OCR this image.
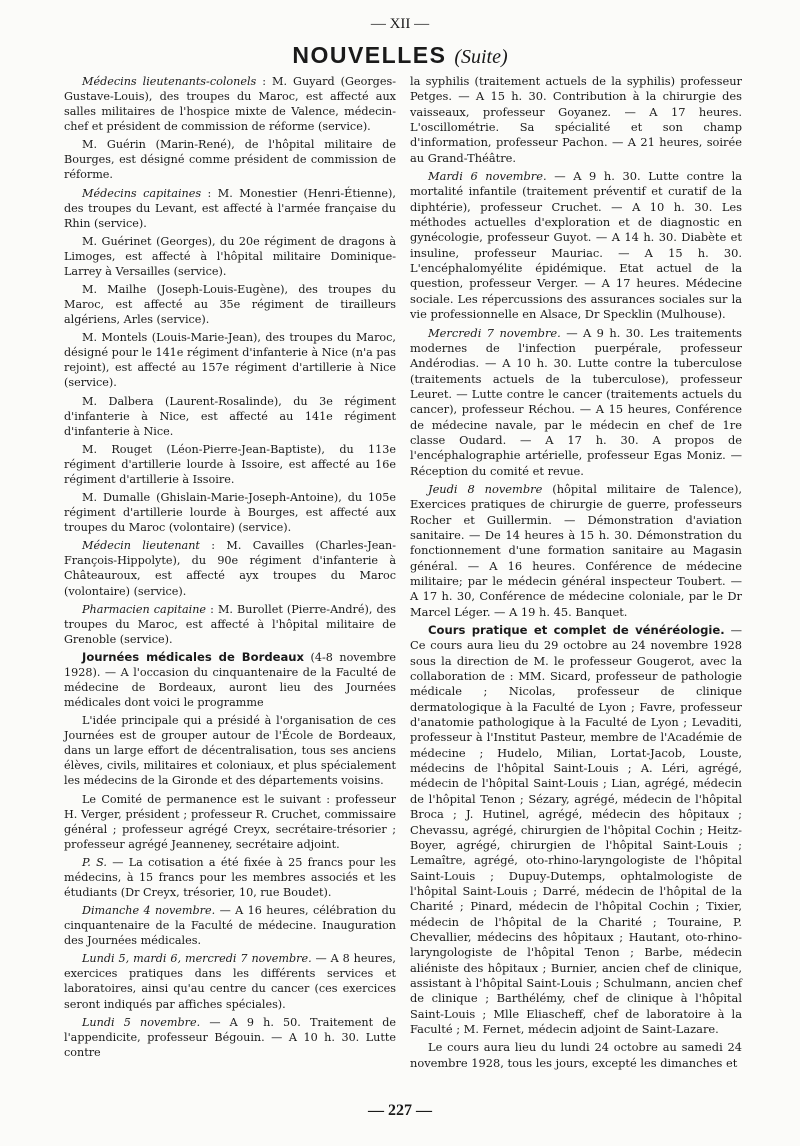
— XII —
NOUVELLES (Suite)

Médecins lieutenants-colonels : M. Guyard (Georges-Gustave-Louis), des troupes du Maroc, est affecté aux salles militaires de l'hospice mixte de Valence, médecin-chef et président de commission de réforme (service).

M. Guérin (Marin-René), de l'hôpital militaire de Bourges, est désigné comme président de commission de réforme.

Médecins capitaines : M. Monestier (Henri-Étienne), des troupes du Levant, est affecté à l'armée française du Rhin (service).

M. Guérinet (Georges), du 20e régiment de dragons à Limoges, est affecté à l'hôpital militaire Dominique-Larrey à Versailles (service).

M. Mailhe (Joseph-Louis-Eugène), des troupes du Maroc, est affecté au 35e régiment de tirailleurs algériens, Arles (service).

M. Montels (Louis-Marie-Jean), des troupes du Maroc, désigné pour le 141e régiment d'infanterie à Nice (n'a pas rejoint), est affecté au 157e régiment d'artillerie à Nice (service).

M. Dalbera (Laurent-Rosalinde), du 3e régiment d'infanterie à Nice, est affecté au 141e régiment d'infanterie à Nice.

M. Rouget (Léon-Pierre-Jean-Baptiste), du 113e régiment d'artillerie lourde à Issoire, est affecté au 16e régiment d'artillerie à Issoire.

M. Dumalle (Ghislain-Marie-Joseph-Antoine), du 105e régiment d'artillerie lourde à Bourges, est affecté aux troupes du Maroc (volontaire) (service).

Médecin lieutenant : M. Cavailles (Charles-Jean-François-Hippolyte), du 90e régiment d'infanterie à Châteauroux, est affecté ayx troupes du Maroc (volontaire) (service).

Pharmacien capitaine : M. Burollet (Pierre-André), des troupes du Maroc, est affecté à l'hôpital militaire de Grenoble (service).

Journées médicales de Bordeaux (4-8 novembre 1928). — A l'occasion du cinquantenaire de la Faculté de médecine de Bordeaux, auront lieu des Journées médicales dont voici le programme

L'idée principale qui a présidé à l'organisation de ces Journées est de grouper autour de l'École de Bordeaux, dans un large effort de décentralisation, tous ses anciens élèves, civils, militaires et coloniaux, et plus spécialement les médecins de la Gironde et des départements voisins.

Le Comité de permanence est le suivant : professeur H. Verger, président ; professeur R. Cruchet, commissaire général ; professeur agrégé Creyx, secrétaire-trésorier ; professeur agrégé Jeanneney, secrétaire adjoint.

P. S. — La cotisation a été fixée à 25 francs pour les médecins, à 15 francs pour les membres associés et les étudiants (Dr Creyx, trésorier, 10, rue Boudet).

Dimanche 4 novembre. — A 16 heures, célébration du cinquantenaire de la Faculté de médecine. Inauguration des Journées médicales.

Lundi 5, mardi 6, mercredi 7 novembre. — A 8 heures, exercices pratiques dans les différents services et laboratoires, ainsi qu'au centre du cancer (ces exercices seront indiqués par affiches spéciales).

Lundi 5 novembre. — A 9 h. 50. Traitement de l'appendicite, professeur Bégouin. — A 10 h. 30. Lutte contre

la syphilis (traitement actuels de la syphilis) professeur Petges. — A 15 h. 30. Contribution à la chirurgie des vaisseaux, professeur Goyanez. — A 17 heures. L'oscillométrie. Sa spécialité et son champ d'information, professeur Pachon. — A 21 heures, soirée au Grand-Théâtre.

Mardi 6 novembre. — A 9 h. 30. Lutte contre la mortalité infantile (traitement préventif et curatif de la diphtérie), professeur Cruchet. — A 10 h. 30. Les méthodes actuelles d'exploration et de diagnostic en gynécologie, professeur Guyot. — A 14 h. 30. Diabète et insuline, professeur Mauriac. — A 15 h. 30. L'encéphalomyélite épidémique. Etat actuel de la question, professeur Verger. — A 17 heures. Médecine sociale. Les répercussions des assurances sociales sur la vie professionnelle en Alsace, Dr Specklin (Mulhouse).

Mercredi 7 novembre. — A 9 h. 30. Les traitements modernes de l'infection puerpérale, professeur Andérodias. — A 10 h. 30. Lutte contre la tuberculose (traitements actuels de la tuberculose), professeur Leuret. — Lutte contre le cancer (traitements actuels du cancer), professeur Réchou. — A 15 heures, Conférence de médecine navale, par le médecin en chef de 1re classe Oudard. — A 17 h. 30. A propos de l'encéphalographie artérielle, professeur Egas Moniz. — Réception du comité et revue.

Jeudi 8 novembre (hôpital militaire de Talence), Exercices pratiques de chirurgie de guerre, professeurs Rocher et Guillermin. — Démonstration d'aviation sanitaire. — De 14 heures à 15 h. 30. Démonstration du fonctionnement d'une formation sanitaire au Magasin général. — A 16 heures. Conférence de médecine militaire; par le médecin général inspecteur Toubert. — A 17 h. 30, Conférence de médecine coloniale, par le Dr Marcel Léger. — A 19 h. 45. Banquet.

Cours pratique et complet de vénéréologie. — Ce cours aura lieu du 29 octobre au 24 novembre 1928 sous la direction de M. le professeur Gougerot, avec la collaboration de : MM. Sicard, professeur de pathologie médicale ; Nicolas, professeur de clinique dermatologique à la Faculté de Lyon ; Favre, professeur d'anatomie pathologique à la Faculté de Lyon ; Levaditi, professeur à l'Institut Pasteur, membre de l'Académie de médecine ; Hudelo, Milian, Lortat-Jacob, Louste, médecins de l'hôpital Saint-Louis ; A. Léri, agrégé, médecin de l'hôpital Saint-Louis ; Lian, agrégé, médecin de l'hôpital Tenon ; Sézary, agrégé, médecin de l'hôpital Broca ; J. Hutinel, agrégé, médecin des hôpitaux ; Chevassu, agrégé, chirurgien de l'hôpital Cochin ; Heitz-Boyer, agrégé, chirurgien de l'hôpital Saint-Louis ; Lemaître, agrégé, oto-rhino-laryngologiste de l'hôpital Saint-Louis ; Dupuy-Dutemps, ophtalmologiste de l'hôpital Saint-Louis ; Darré, médecin de l'hôpital de la Charité ; Pinard, médecin de l'hôpital Cochin ; Tixier, médecin de l'hôpital de la Charité ; Touraine, P. Chevallier, médecins des hôpitaux ; Hautant, oto-rhino-laryngologiste de l'hôpital Tenon ; Barbe, médecin aliéniste des hôpitaux ; Burnier, ancien chef de clinique, assistant à l'hôpital Saint-Louis ; Schulmann, ancien chef de clinique ; Barthélémy, chef de clinique à l'hôpital Saint-Louis ; Mlle Eliascheff, chef de laboratoire à la Faculté ; M. Fernet, médecin adjoint de Saint-Lazare.

Le cours aura lieu du lundi 24 octobre au samedi 24 novembre 1928, tous les jours, excepté les dimanches et

— 227 —
